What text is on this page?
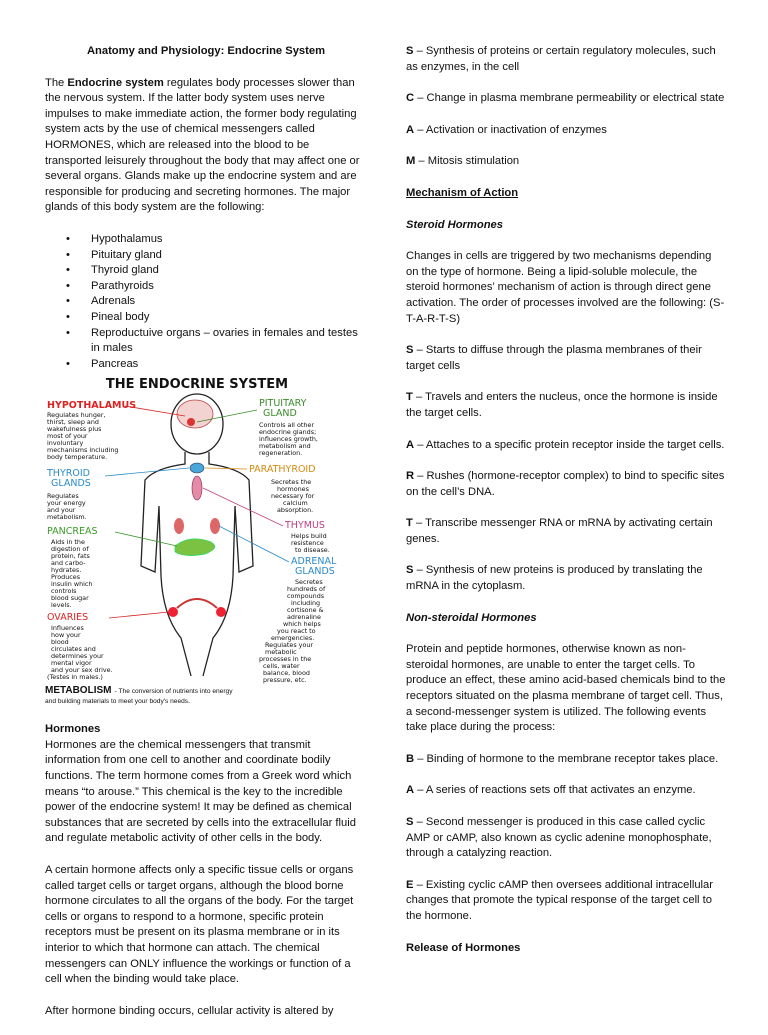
Anatomy and Physiology: Endocrine System

The Endocrine system regulates body processes slower than the nervous system. If the latter body system uses nerve impulses to make immediate action, the former body regulating system acts by the use of chemical messengers called HORMONES, which are released into the blood to be transported leisurely throughout the body that may affect one or several organs. Glands make up the endocrine system and are responsible for producing and secreting hormones. The major glands of this body system are the following:

• Hypothalamus
• Pituitary gland
• Thyroid gland
• Parathyroids
• Adrenals
• Pineal body
• Reproductuive organs – ovaries in females and testes in males
• Pancreas
THE ENDOCRINE SYSTEM
HYPOTHALAMUS
Regulates hunger,
thirst, sleep and
wakefulness plus
most of your
involuntary
mechanisms including
body temperature.
PITUITARY
GLAND
Controls all other
endocrine glands;
influences growth,
metabolism and
regeneration.
THYROID
GLANDS
Regulates
your energy
and your
metabolism.
PARATHYROID
Secretes the
hormones
necessary for
calcium
absorption.
THYMUS
Helps build
resistence
to disease.
PANCREAS
Aids in the
digestion of
protein, fats
and carbo-
hydrates.
Produces
insulin which
controls
blood sugar
levels.
ADRENAL
GLANDS
Secretes
hundreds of
compounds
including
cortisone &
adrenaline
which helps
you react to
emergencies.
Regulates your
metabolic
processes in the
cells, water
balance, blood
pressure, etc.
OVARIES
Influences
how your
blood
circulates and
determines your
mental vigor
and your sex drive.
(Testes in males.)
METABOLISM - The conversion of nutrients into energy
and building materials to meet your body's needs.

Hormones

Hormones are the chemical messengers that transmit information from one cell to another and coordinate bodily functions. The term hormone comes from a Greek word which means “to arouse.” This chemical is the key to the incredible power of the endocrine system! It may be defined as chemical substances that are secreted by cells into the extracellular fluid and regulate metabolic activity of other cells in the body.

A certain hormone affects only a specific tissue cells or organs called target cells or target organs, although the blood borne hormone circulates to all the organs of the body. For the target cells or organs to respond to a hormone, specific protein receptors must be present on its plasma membrane or in its interior to which that hormone can attach. The chemical messengers can ONLY influence the workings or function of a cell when the binding would take place.

After hormone binding occurs, cellular activity is altered by

S – Synthesis of proteins or certain regulatory molecules, such as enzymes, in the cell

C – Change in plasma membrane permeability or electrical state

A – Activation or inactivation of enzymes

M – Mitosis stimulation

Mechanism of Action

Steroid Hormones

Changes in cells are triggered by two mechanisms depending on the type of hormone. Being a lipid-soluble molecule, the steroid hormones’ mechanism of action is through direct gene activation. The order of processes involved are the following: (S-T-A-R-T-S)

S – Starts to diffuse through the plasma membranes of their target cells

T – Travels and enters the nucleus, once the hormone is inside the target cells.

A – Attaches to a specific protein receptor inside the target cells.

R – Rushes (hormone-receptor complex) to bind to specific sites on the cell’s DNA.

T – Transcribe messenger RNA or mRNA by activating certain genes.

S – Synthesis of new proteins is produced by translating the mRNA in the cytoplasm.

Non-steroidal Hormones

Protein and peptide hormones, otherwise known as non-steroidal hormones, are unable to enter the target cells. To produce an effect, these amino acid-based chemicals bind to the receptors situated on the plasma membrane of target cell. Thus, a second-messenger system is utilized. The following events take place during the process:

B – Binding of hormone to the membrane receptor takes place.

A – A series of reactions sets off that activates an enzyme.

S – Second messenger is produced in this case called cyclic AMP or cAMP, also known as cyclic adenine monophosphate, through a catalyzing reaction.

E – Existing cyclic cAMP then oversees additional intracellular changes that promote the typical response of the target cell to the hormone.

Release of Hormones
